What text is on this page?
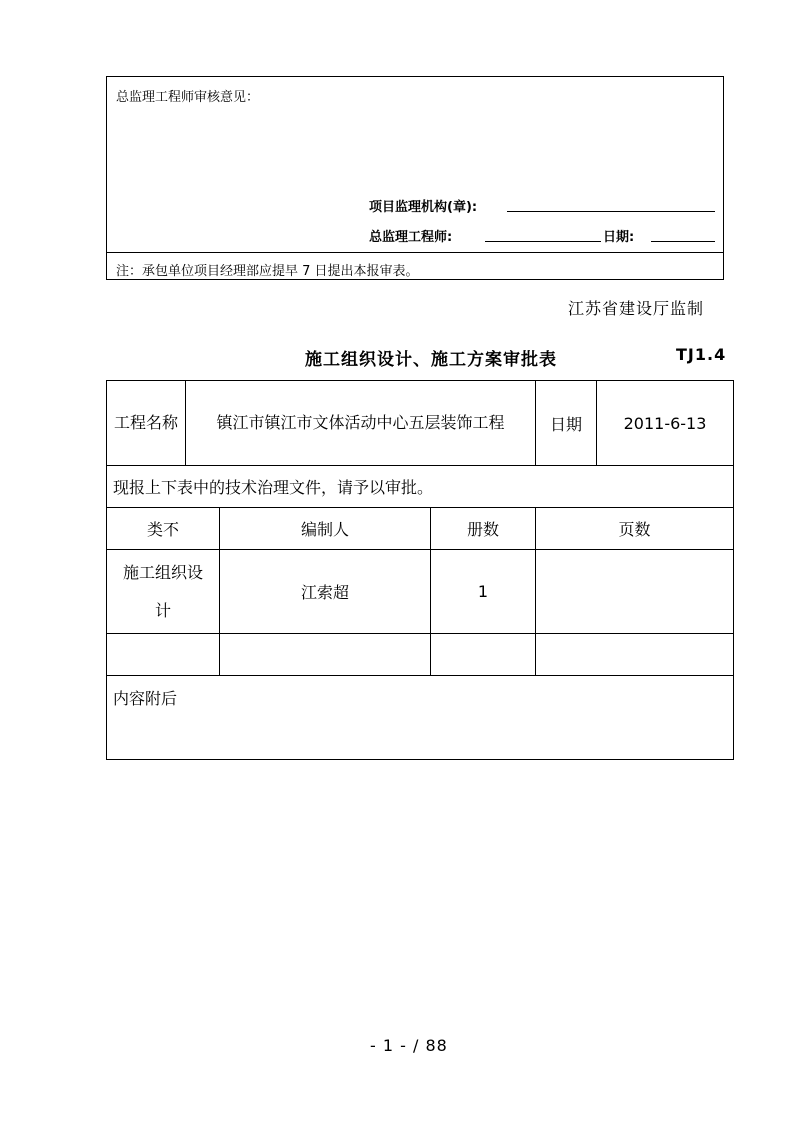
总监理工程师审核意见：
项目监理机构(章):
总监理工程师:	日期:
注：承包单位项目经理部应提早 7 日提出本报审表。
江苏省建设厅监制
施工组织设计、施工方案审批表	TJ1.4
工程名称	镇江市镇江市文体活动中心五层装饰工程			日期	2011-6-13
现报上下表中的技术治理文件，请予以审批。					
类不		编制人	册数	页数	
施工组织设计		江索超	1		

内容附后					
- 1 - / 88
